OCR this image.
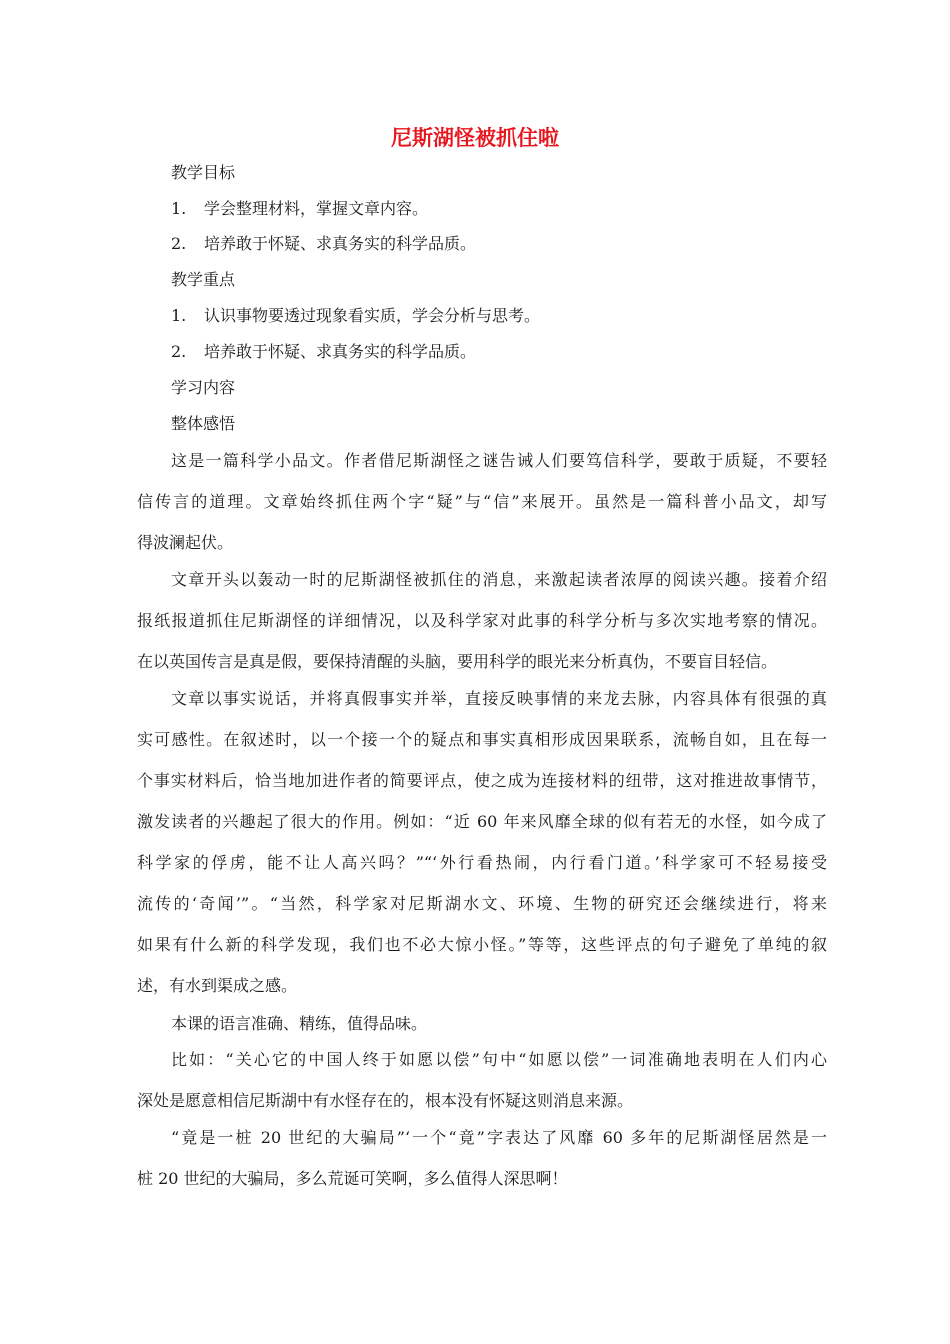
尼斯湖怪被抓住啦
教学目标
1. 学会整理材料，掌握文章内容。
2. 培养敢于怀疑、求真务实的科学品质。
教学重点
1. 认识事物要透过现象看实质，学会分析与思考。
2. 培养敢于怀疑、求真务实的科学品质。
学习内容
整体感悟
这是一篇科学小品文。作者借尼斯湖怪之谜告诫人们要笃信科学，要敢于质疑，不要轻
信传言的道理。文章始终抓住两个字“疑”与“信”来展开。虽然是一篇科普小品文，却写
得波澜起伏。
文章开头以轰动一时的尼斯湖怪被抓住的消息，来激起读者浓厚的阅读兴趣。接着介绍
报纸报道抓住尼斯湖怪的详细情况，以及科学家对此事的科学分析与多次实地考察的情况。
在以英国传言是真是假，要保持清醒的头脑，要用科学的眼光来分析真伪，不要盲目轻信。
文章以事实说话，并将真假事实并举，直接反映事情的来龙去脉，内容具体有很强的真
实可感性。在叙述时，以一个接一个的疑点和事实真相形成因果联系，流畅自如，且在每一
个事实材料后，恰当地加进作者的简要评点，使之成为连接材料的纽带，这对推进故事情节，
激发读者的兴趣起了很大的作用。例如：“近 60 年来风靡全球的似有若无的水怪，如今成了
科学家的俘虏，能不让人高兴吗？”“‘外行看热闹，内行看门道。’科学家可不轻易接受
流传的‘奇闻’”。“当然，科学家对尼斯湖水文、环境、生物的研究还会继续进行，将来
如果有什么新的科学发现，我们也不必大惊小怪。”等等，这些评点的句子避免了单纯的叙
述，有水到渠成之感。
本课的语言准确、精练，值得品味。
比如：“关心它的中国人终于如愿以偿”句中“如愿以偿”一词准确地表明在人们内心
深处是愿意相信尼斯湖中有水怪存在的，根本没有怀疑这则消息来源。
“竟是一桩 20 世纪的大骗局”‘一个“竟”字表达了风靡 60 多年的尼斯湖怪居然是一
桩 20 世纪的大骗局，多么荒诞可笑啊，多么值得人深思啊！
